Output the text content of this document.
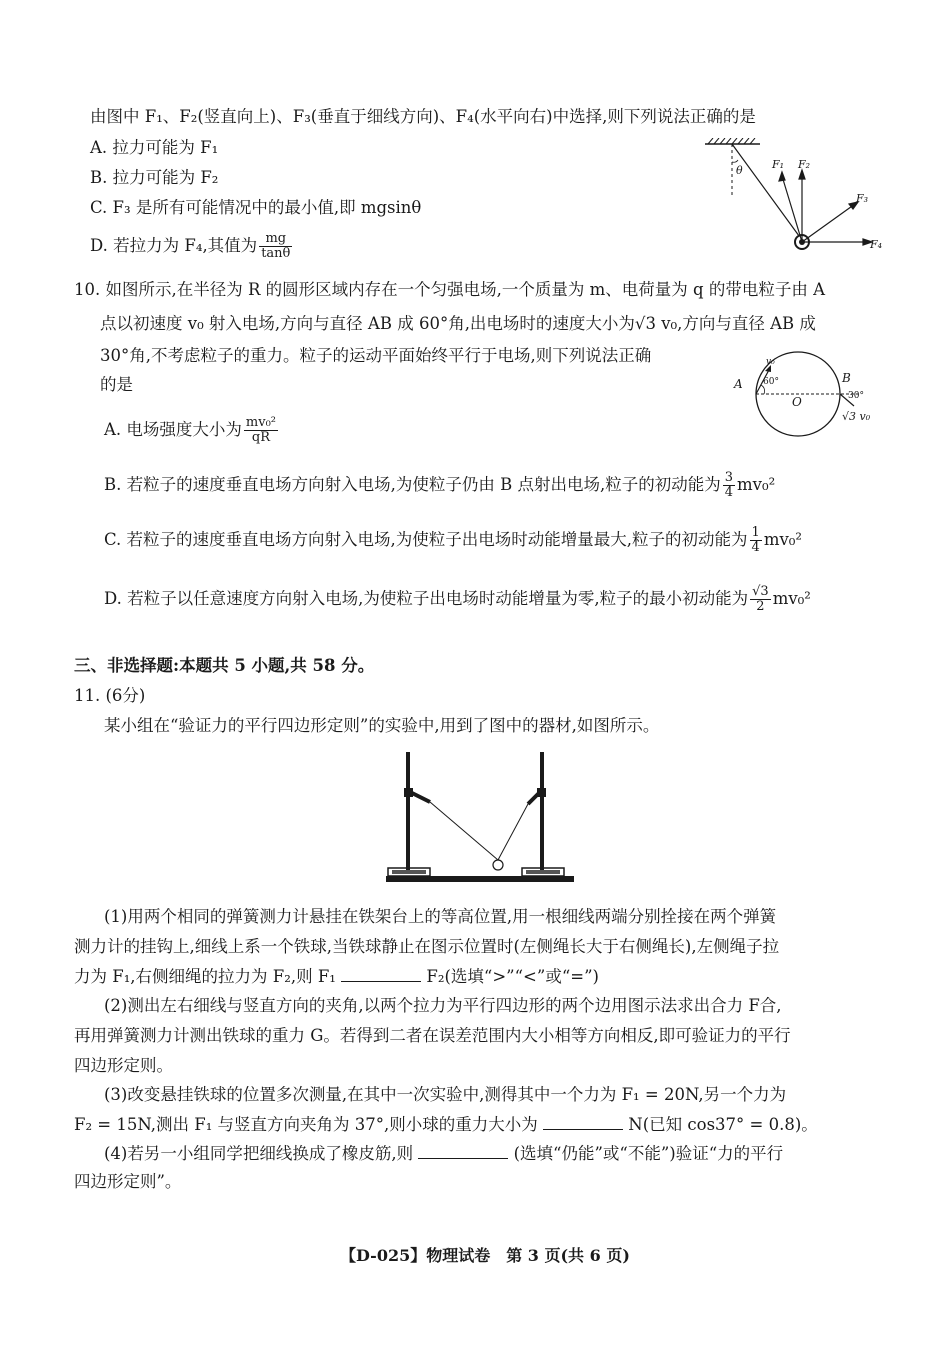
由图中 F₁、F₂(竖直向上)、F₃(垂直于细线方向)、F₄(水平向右)中选择,则下列说法正确的是
A. 拉力可能为 F₁
B. 拉力可能为 F₂
C. F₃ 是所有可能情况中的最小值,即 mgsinθ
D. 若拉力为 F₄,其值为 $\frac{mg}{\tan\theta}$
θ	F₁ F₂
F₃
F₄
10. 如图所示,在半径为 R 的圆形区域内存在一个匀强电场,一个质量为 m、电荷量为 q 的带电粒子由 A
点以初速度 v₀ 射入电场,方向与直径 AB 成 60°角,出电场时的速度大小为√3 v₀,方向与直径 AB 成
30°角,不考虑粒子的重力。粒子的运动平面始终平行于电场,则下列说法正确
的是	A	B
O
v₀
60°
30°
√3 v₀
A. 电场强度大小为 $\frac{\text{mv₀²}}{qR}$
B. 若粒子的速度垂直电场方向射入电场,为使粒子仍由 B 点射出电场,粒子的初动能为 $\frac{3}{4} mv_0^2$
C. 若粒子的速度垂直电场方向射入电场,为使粒子出电场时动能增量最大,粒子的初动能为 $\frac{1}{4} mv_0^2$
D. 若粒子以任意速度方向射入电场,为使粒子出电场时动能增量为零,粒子的最小初动能为 $\frac{√3}{2} mv_0^2$
三、非选择题:本题共 5 小题,共 58 分。
11. (6分)
某小组在“验证力的平行四边形定则”的实验中,用到了图中的器材,如图所示。
(1)用两个相同的弹簧测力计悬挂在铁架台上的等高位置,用一根细线两端分别拴接在两个弹簧
测力计的挂钩上,细线上系一个铁球,当铁球静止在图示位置时(左侧绳长大于右侧绳长),左侧绳子拉
力为 F₁,右侧细绳的拉力为 F₂,则 F₁	F₂(选填“>”“<”或“=”)
(2)测出左右细线与竖直方向的夹角,以两个拉力为平行四边形的两个边用图示法求出合力 F合,
再用弹簧测力计测出铁球的重力 G。若得到二者在误差范围内大小相等方向相反,即可验证力的平行
四边形定则。
(3)改变悬挂铁球的位置多次测量,在其中一次实验中,测得其中一个力为 F₁ = 20N,另一个力为
F₂ = 15N,测出 F₁ 与竖直方向夹角为 37°,则小球的重力大小为	N(已知 cos37° = 0.8)。
(4)若另一小组同学把细线换成了橡皮筋,则	(选填“仍能”或“不能”)验证“力的平行
四边形定则”。
【D-025】物理试卷　第 3 页(共 6 页)
